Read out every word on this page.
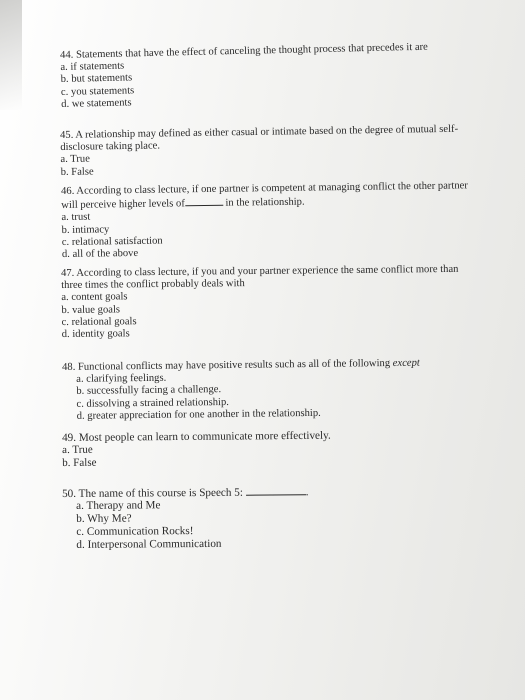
44. Statements that have the effect of canceling the thought process that precedes it are

a. if statements

b. but statements

c. you statements

d. we statements

45. A relationship may defined as either casual or intimate based on the degree of mutual self-

disclosure taking place.

a. True

b. False

46. According to class lecture, if one partner is competent at managing conflict the other partner

will perceive higher levels of	in the relationship.

a. trust

b. intimacy

c. relational satisfaction

d. all of the above

47. According to class lecture, if you and your partner experience the same conflict more than

three times the conflict probably deals with

a. content goals

b. value goals

c. relational goals

d. identity goals

48. Functional conflicts may have positive results such as all of the following except

a. clarifying feelings.

b. successfully facing a challenge.

c. dissolving a strained relationship.

d. greater appreciation for one another in the relationship.

49. Most people can learn to communicate more effectively.

a. True

b. False

50. The name of this course is Speech 5:	.

a. Therapy and Me

b. Why Me?

c. Communication Rocks!

d. Interpersonal Communication
